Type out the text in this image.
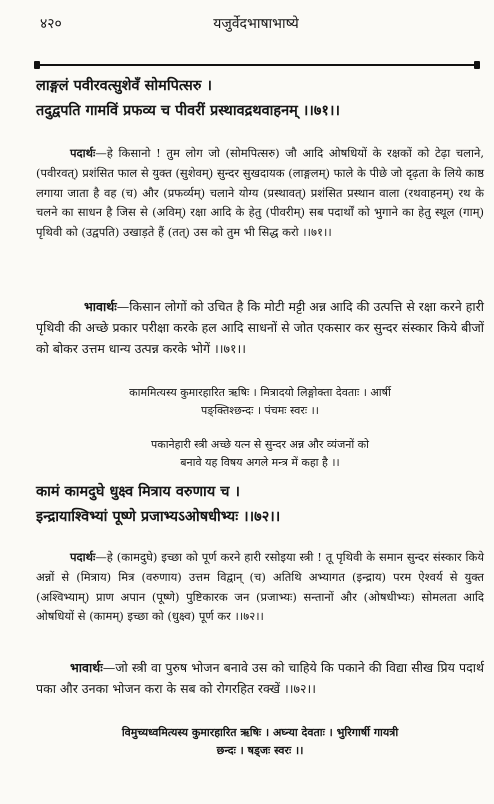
४२०	यजुर्वेदभाषाभाष्ये
लाङ्गलं पवीरवत्सुशेवँ सोमपित्सरु ।
तदुद्वपति गामविं प्रफव्य च पीवरीं प्रस्थावद्रथवाहनम् ।।७१।।
पदार्थः—हे किसानो ! तुम लोग जो (सोमपित्सरु) जौ आदि ओषधियों के रक्षकों को टेढ़ा चलाने, (पवीरवत्) प्रशंसित फाल से युक्त (सुशेवम्) सुन्दर सुखदायक (लाङ्गलम्) फाले के पीछे जो दृढ़ता के लिये काष्ठ लगाया जाता है वह (च) और (प्रफर्व्यम्) चलाने योग्य (प्रस्थावत्) प्रशंसित प्रस्थान वाला (रथवाहनम्) रथ के चलने का साधन है जिस से (अविम्) रक्षा आदि के हेतु (पीवरीम्) सब पदार्थों को भुगाने का हेतु स्थूल (गाम्) पृथिवी को (उद्वपति) उखाड़ते हैं (तत्) उस को तुम भी सिद्ध करो ।।७१।।
भावार्थः—किसान लोगों को उचित है कि मोटी मट्टी अन्न आदि की उत्पत्ति से रक्षा करने हारी पृथिवी की अच्छे प्रकार परीक्षा करके हल आदि साधनों से जोत एकसार कर सुन्दर संस्कार किये बीजों को बोकर उत्तम धान्य उत्पन्न करके भोगें ।।७१।।
काममित्यस्य कुमारहारित ऋषिः । मित्रादयो लिङ्गोक्ता देवताः । आर्षी
पङ्क्तिश्छन्दः । पंचमः स्वरः ।।
पकानेहारी स्त्री अच्छे यत्न से सुन्दर अन्न और व्यंजनों को
बनावे यह विषय अगले मन्त्र में कहा है ।।
कामं कामदुघे धुक्ष्व मित्राय वरुणाय च ।
इन्द्रायाश्विभ्यां पूष्णे प्रजाभ्यऽओषधीभ्यः ।।७२।।
पदार्थः—हे (कामदुघे) इच्छा को पूर्ण करने हारी रसोइया स्त्री ! तू पृथिवी के समान सुन्दर संस्कार किये अन्नों से (मित्राय) मित्र (वरुणाय) उत्तम विद्वान् (च) अतिथि अभ्यागत (इन्द्राय) परम ऐश्वर्य से युक्त (अश्विभ्याम्) प्राण अपान (पूष्णे) पुष्टिकारक जन (प्रजाभ्यः) सन्तानों और (ओषधीभ्यः) सोमलता आदि ओषधियों से (कामम्) इच्छा को (धुक्ष्व) पूर्ण कर ।।७२।।
भावार्थः—जो स्त्री वा पुरुष भोजन बनावे उस को चाहिये कि पकाने की विद्या सीख प्रिय पदार्थ पका और उनका भोजन करा के सब को रोगरहित रक्खें ।।७२।।
विमुच्यध्वमित्यस्य कुमारहारित ऋषिः । अघ्न्या देवताः । भुरिगार्षी गायत्री
छन्दः । षड्जः स्वरः ।।
